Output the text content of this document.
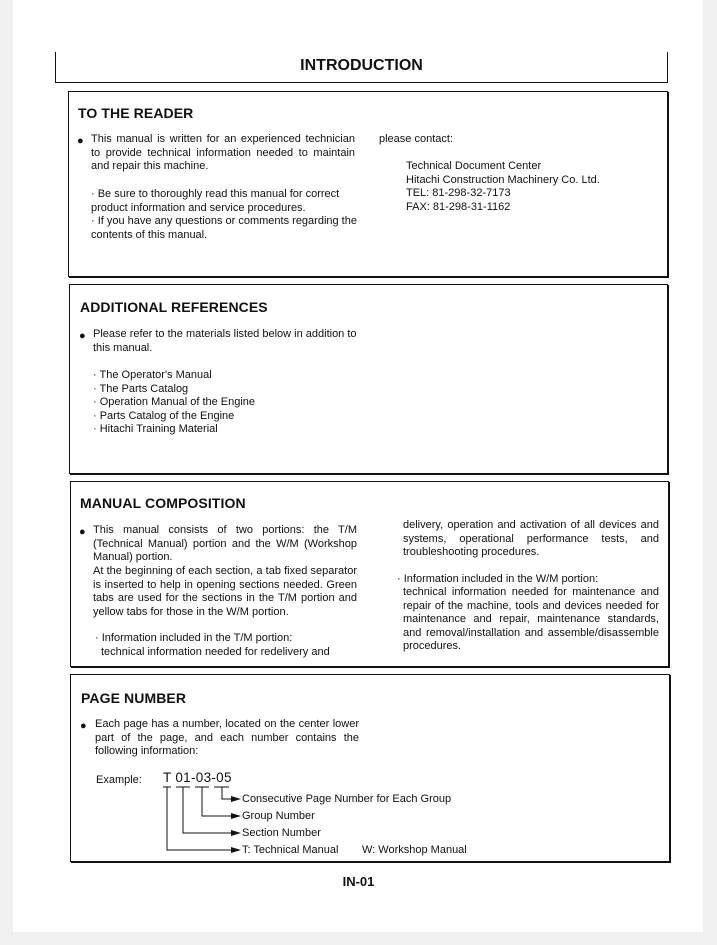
INTRODUCTION
TO THE READER
● This manual is written for an experienced technician to provide technical information needed to maintain and repair this machine.
· Be sure to thoroughly read this manual for correct product information and service procedures.
· If you have any questions or comments regarding the contents of this manual.
please contact:
Technical Document Center
Hitachi Construction Machinery Co. Ltd.
TEL: 81-298-32-7173
FAX: 81-298-31-1162
ADDITIONAL REFERENCES
● Please refer to the materials listed below in addition to this manual.
· The Operator's Manual
· The Parts Catalog
· Operation Manual of the Engine
· Parts Catalog of the Engine
· Hitachi Training Material
MANUAL COMPOSITION
● This manual consists of two portions: the T/M (Technical Manual) portion and the W/M (Workshop Manual) portion.
At the beginning of each section, a tab fixed separator is inserted to help in opening sections needed. Green tabs are used for the sections in the T/M portion and yellow tabs for those in the W/M portion.
· Information included in the T/M portion:
technical information needed for redelivery and
delivery, operation and activation of all devices and systems, operational performance tests, and troubleshooting procedures.
· Information included in the W/M portion:
technical information needed for maintenance and repair of the machine, tools and devices needed for maintenance and repair, maintenance standards, and removal/installation and assemble/disassemble procedures.
PAGE NUMBER
● Each page has a number, located on the center lower part of the page, and each number contains the following information:
Example: T 01-03-05
Consecutive Page Number for Each Group
Group Number
Section Number
T: Technical Manual W: Workshop Manual
IN-01
